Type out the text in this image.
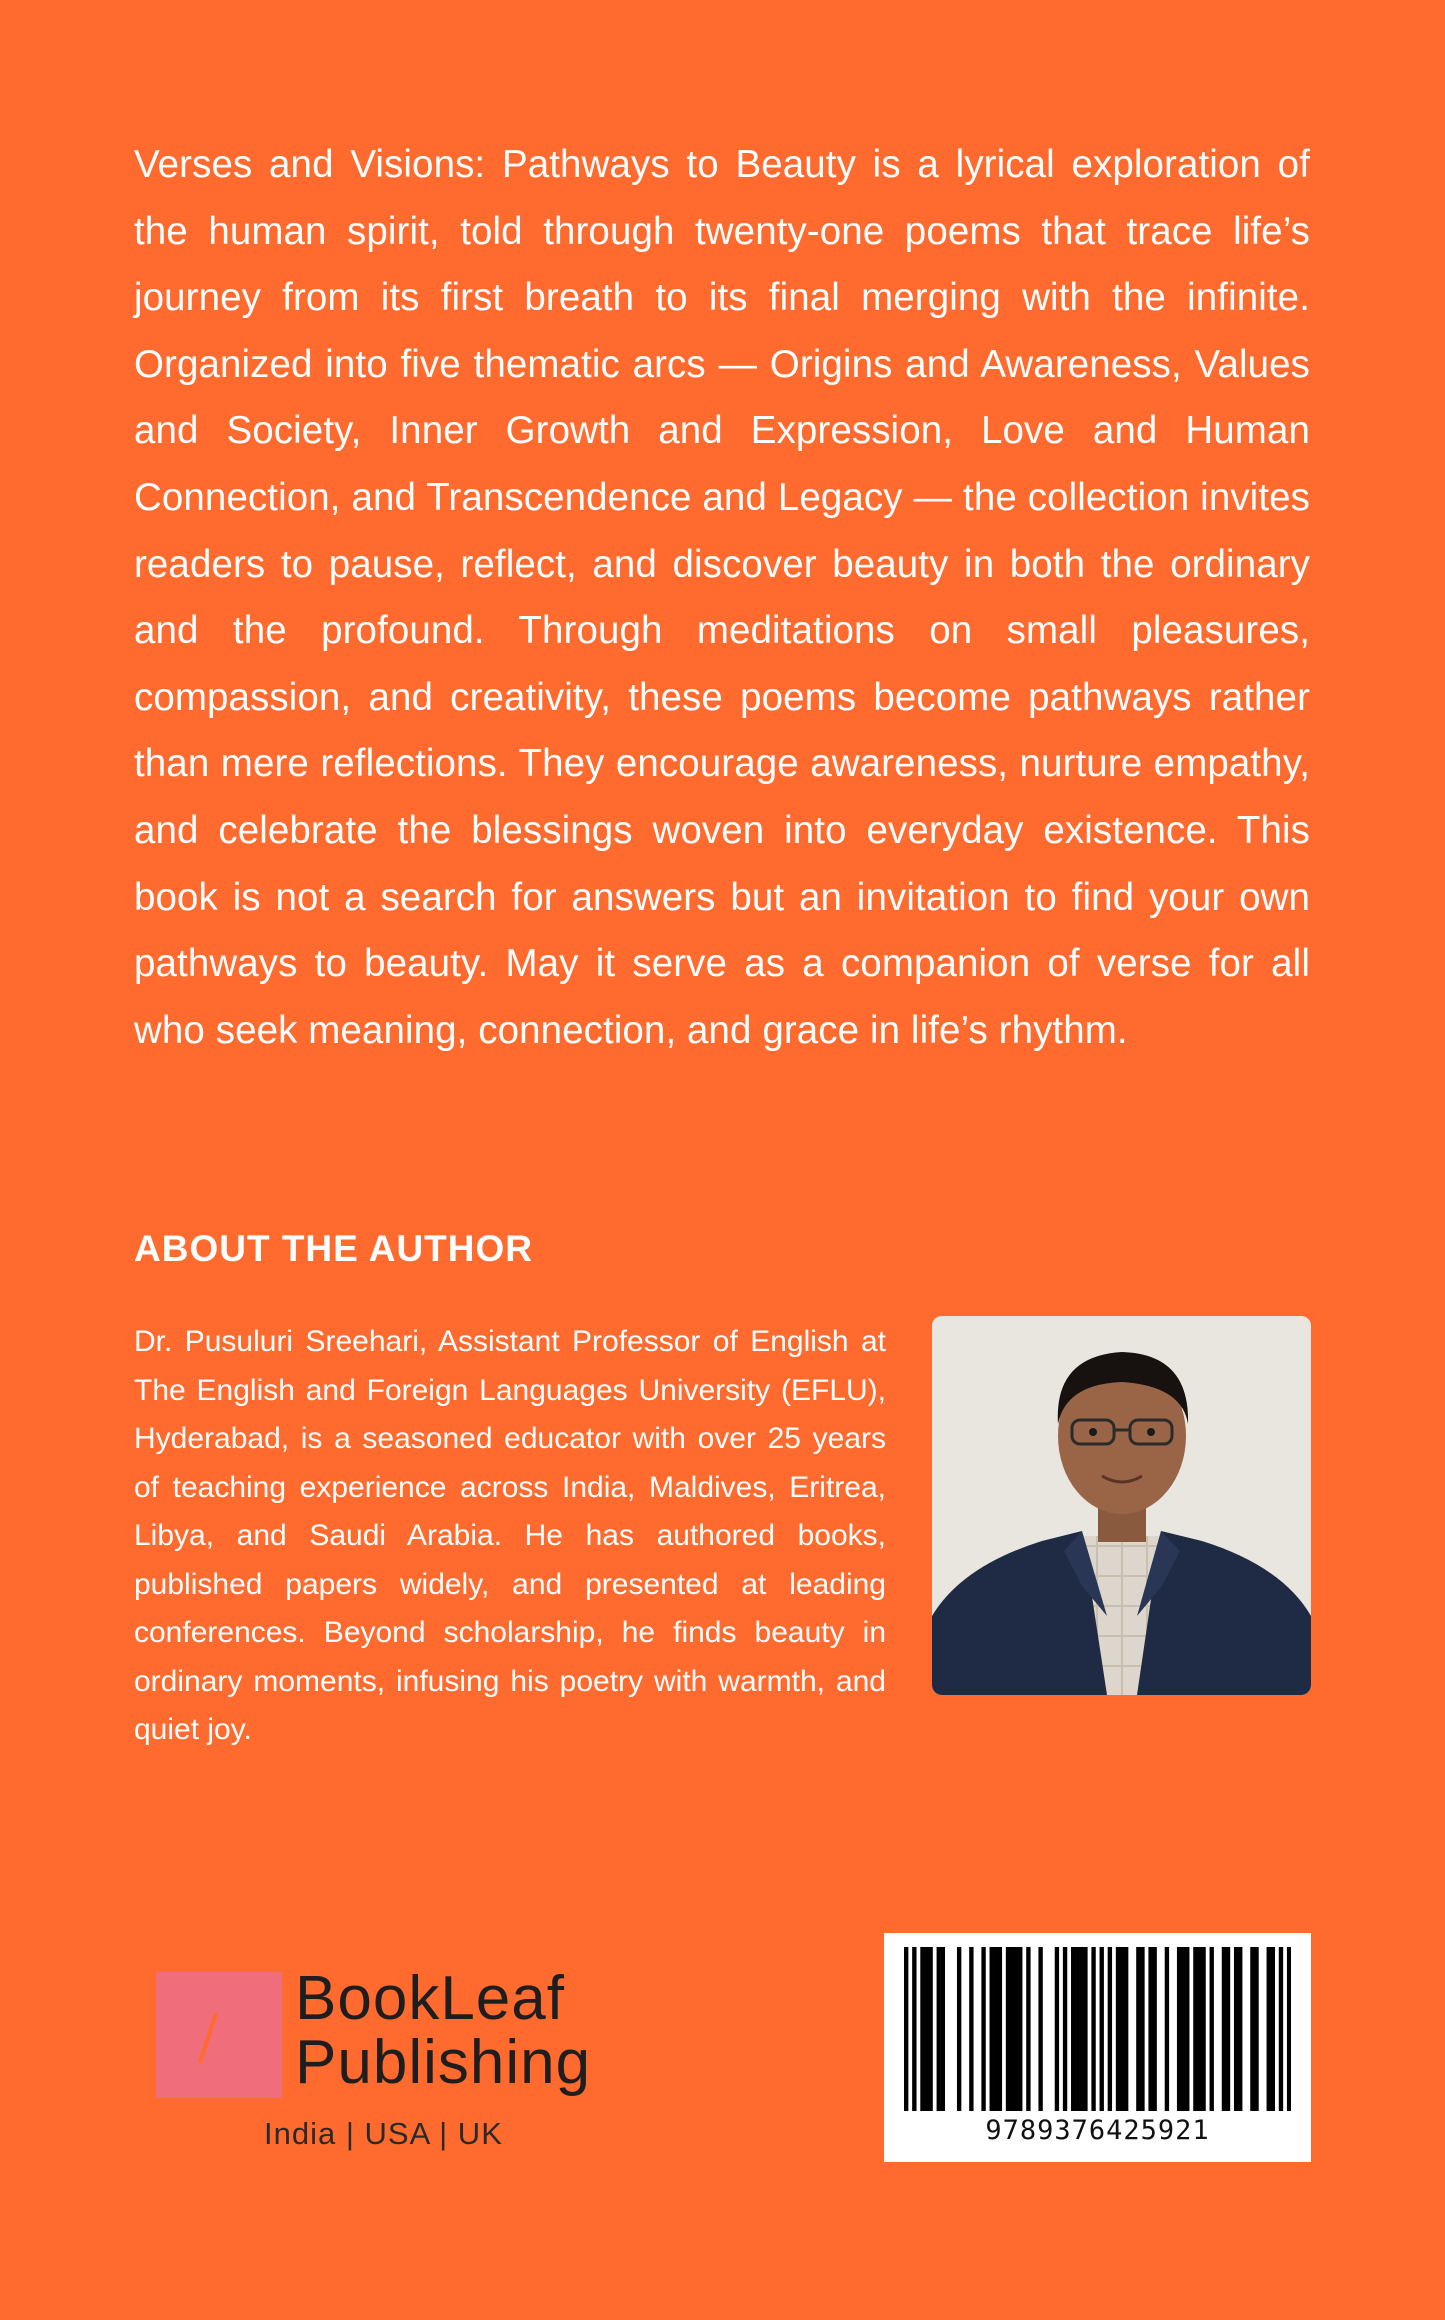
Verses and Visions: Pathways to Beauty is a lyrical exploration of the human spirit, told through twenty-one poems that trace life’s journey from its first breath to its final merging with the infinite. Organized into five thematic arcs — Origins and Awareness, Values and Society, Inner Growth and Expression, Love and Human Connection, and Transcendence and Legacy — the collection invites readers to pause, reflect, and discover beauty in both the ordinary and the profound. Through meditations on small pleasures, compassion, and creativity, these poems become pathways rather than mere reflections. They encourage awareness, nurture empathy, and celebrate the blessings woven into everyday existence. This book is not a search for answers but an invitation to find your own pathways to beauty. May it serve as a companion of verse for all who seek meaning, connection, and grace in life’s rhythm.

ABOUT THE AUTHOR

Dr. Pusuluri Sreehari, Assistant Professor of English at The English and Foreign Languages University (EFLU), Hyderabad, is a seasoned educator with over 25 years of teaching experience across India, Maldives, Eritrea, Libya, and Saudi Arabia. He has authored books, published papers widely, and presented at leading conferences. Beyond scholarship, he finds beauty in ordinary moments, infusing his poetry with warmth, and quiet joy.

BookLeaf
Publishing
India | USA | UK	9789376425921
